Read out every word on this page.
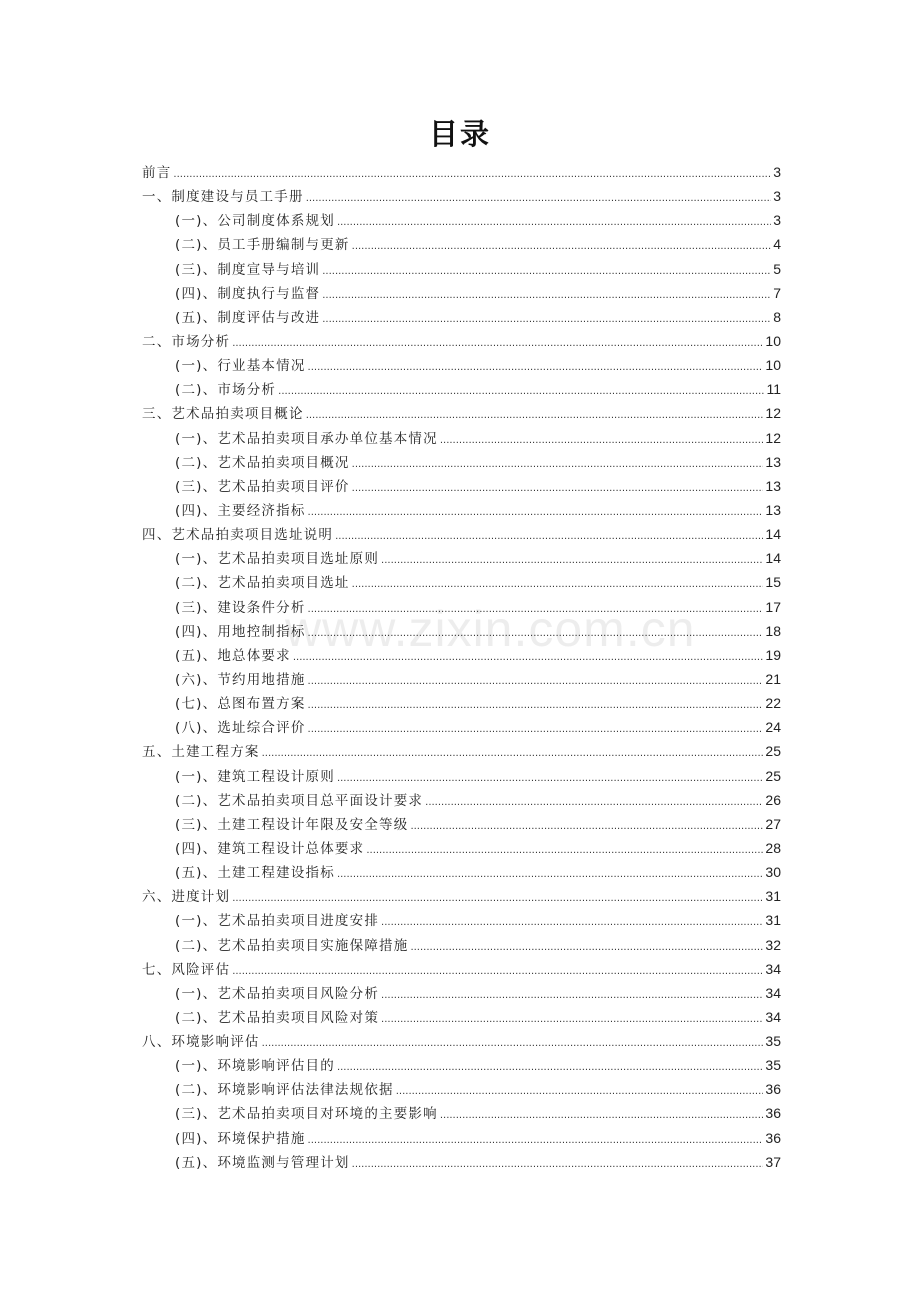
目录
www.zixin.com.cn
前言 .....	3
一、制度建设与员工手册 .....	3
(一)、公司制度体系规划 .....	3
(二)、员工手册编制与更新 .....	4
(三)、制度宣导与培训 .....	5
(四)、制度执行与监督 .....	7
(五)、制度评估与改进 .....	8
二、市场分析 .....	10
(一)、行业基本情况 .....	10
(二)、市场分析 .....	11
三、艺术品拍卖项目概论 .....	12
(一)、艺术品拍卖项目承办单位基本情况 .....	12
(二)、艺术品拍卖项目概况 .....	13
(三)、艺术品拍卖项目评价 .....	13
(四)、主要经济指标 .....	13
四、艺术品拍卖项目选址说明 .....	14
(一)、艺术品拍卖项目选址原则 .....	14
(二)、艺术品拍卖项目选址 .....	15
(三)、建设条件分析 .....	17
(四)、用地控制指标 .....	18
(五)、地总体要求 .....	19
(六)、节约用地措施 .....	21
(七)、总图布置方案 .....	22
(八)、选址综合评价 .....	24
五、土建工程方案 .....	25
(一)、建筑工程设计原则 .....	25
(二)、艺术品拍卖项目总平面设计要求 .....	26
(三)、土建工程设计年限及安全等级 .....	27
(四)、建筑工程设计总体要求 .....	28
(五)、土建工程建设指标 .....	30
六、进度计划 .....	31
(一)、艺术品拍卖项目进度安排 .....	31
(二)、艺术品拍卖项目实施保障措施 .....	32
七、风险评估 .....	34
(一)、艺术品拍卖项目风险分析 .....	34
(二)、艺术品拍卖项目风险对策 .....	34
八、环境影响评估 .....	35
(一)、环境影响评估目的 .....	35
(二)、环境影响评估法律法规依据 .....	36
(三)、艺术品拍卖项目对环境的主要影响 .....	36
(四)、环境保护措施 .....	36
(五)、环境监测与管理计划 .....	37
